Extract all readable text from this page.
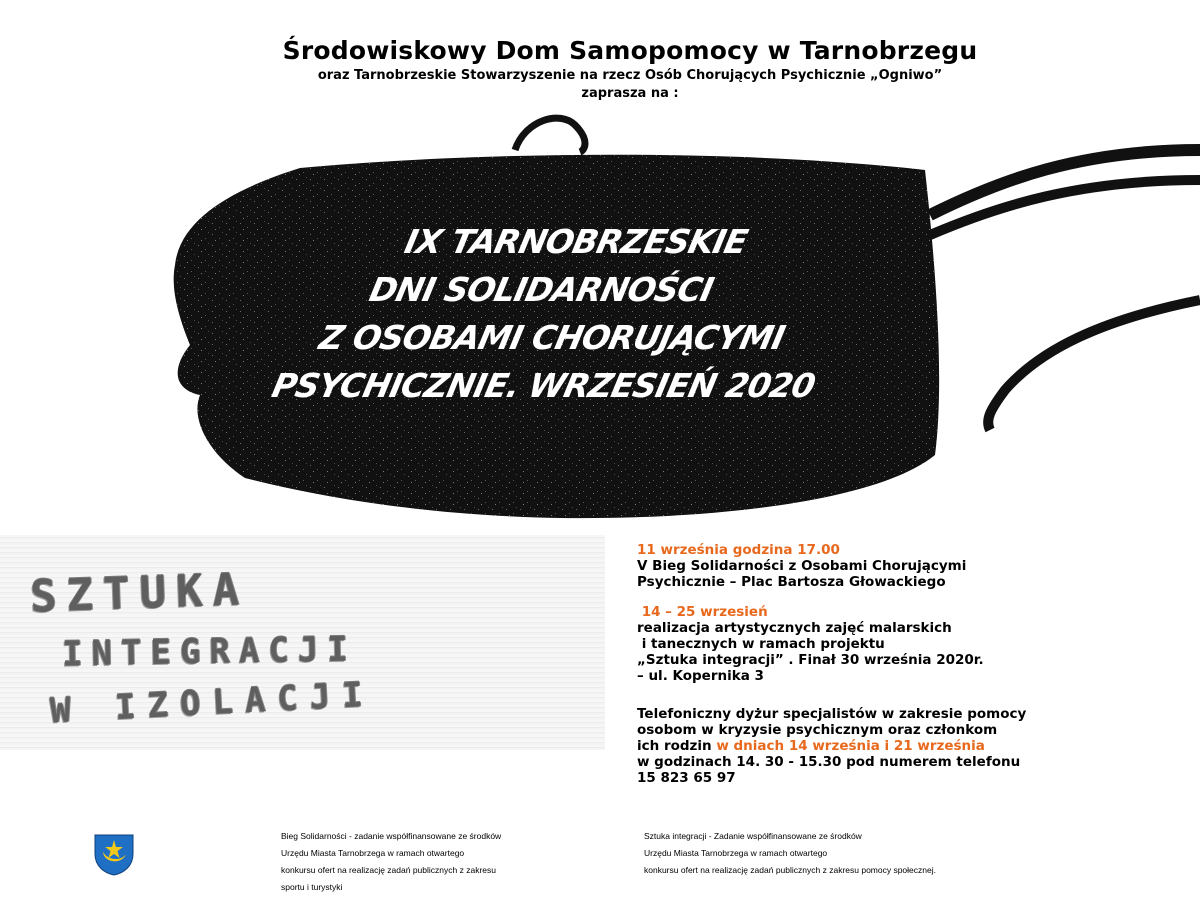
Środowiskowy Dom Samopomocy w Tarnobrzegu
oraz Tarnobrzeskie Stowarzyszenie na rzecz Osób Chorujących Psychicznie „Ogniwo”
zaprasza na :
IX TARNOBRZESKIE
DNI SOLIDARNOŚCI
Z OSOBAMI CHORUJĄCYMI
PSYCHICZNIE. WRZESIEŃ 2020
SZTUKA
INTEGRACJI
W IZOLACJI
11 września godzina 17.00
V Bieg Solidarności z Osobami Chorującymi
Psychicznie – Plac Bartosza Głowackiego
14 – 25 wrzesień
realizacja artystycznych zajęć malarskich
i tanecznych w ramach projektu
„Sztuka integracji” . Finał 30 września 2020r.
– ul. Kopernika 3
Telefoniczny dyżur specjalistów w zakresie pomocy
osobom w kryzysie psychicznym oraz członkom
ich rodzin w dniach 14 września i 21 września
w godzinach 14. 30 - 15.30 pod numerem telefonu
15 823 65 97
Bieg Solidarności - zadanie współfinansowane ze środków
Urzędu Miasta Tarnobrzega w ramach otwartego
konkursu ofert na realizację zadań publicznych z zakresu
sportu i turystyki
Sztuka integracji - Zadanie współfinansowane ze środków
Urzędu Miasta Tarnobrzega w ramach otwartego
konkursu ofert na realizację zadań publicznych z zakresu pomocy społecznej.
